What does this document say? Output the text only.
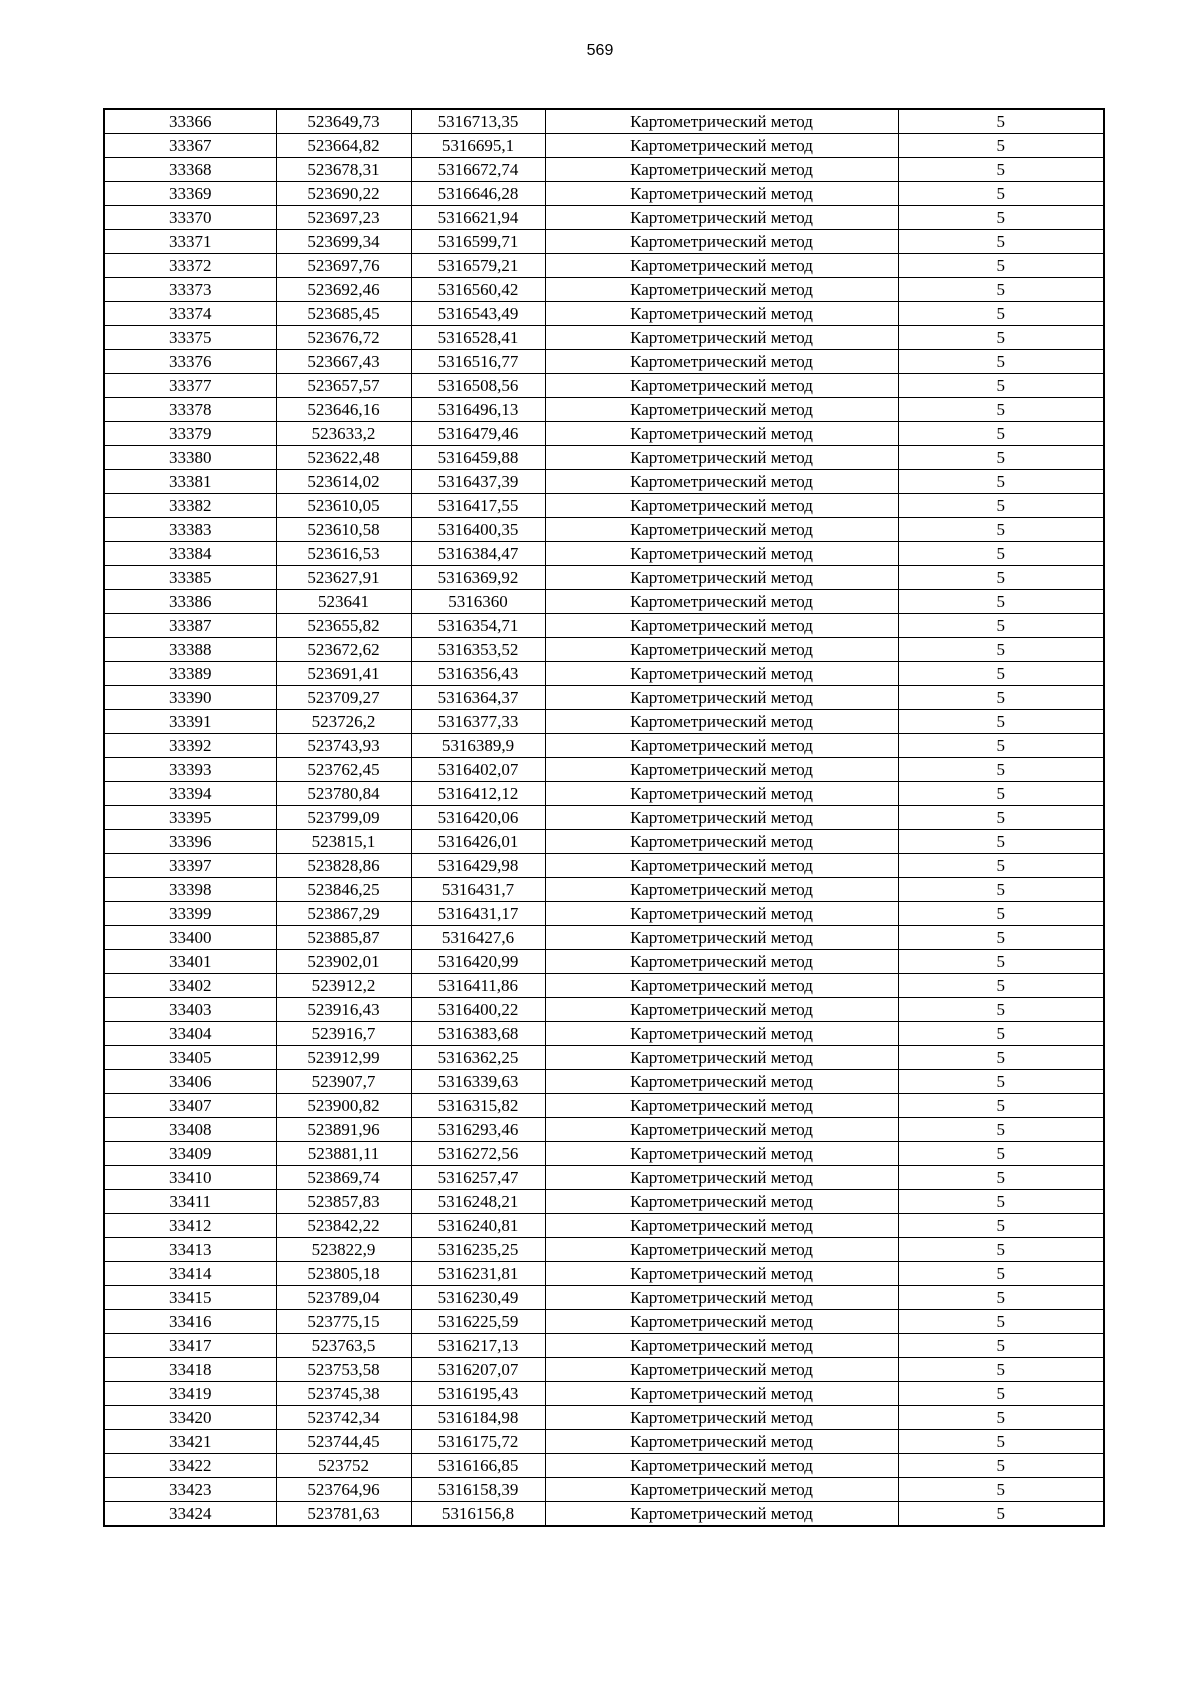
569
33366	523649,73	5316713,35	Картометрический метод	5
33367	523664,82	5316695,1	Картометрический метод	5
33368	523678,31	5316672,74	Картометрический метод	5
33369	523690,22	5316646,28	Картометрический метод	5
33370	523697,23	5316621,94	Картометрический метод	5
33371	523699,34	5316599,71	Картометрический метод	5
33372	523697,76	5316579,21	Картометрический метод	5
33373	523692,46	5316560,42	Картометрический метод	5
33374	523685,45	5316543,49	Картометрический метод	5
33375	523676,72	5316528,41	Картометрический метод	5
33376	523667,43	5316516,77	Картометрический метод	5
33377	523657,57	5316508,56	Картометрический метод	5
33378	523646,16	5316496,13	Картометрический метод	5
33379	523633,2	5316479,46	Картометрический метод	5
33380	523622,48	5316459,88	Картометрический метод	5
33381	523614,02	5316437,39	Картометрический метод	5
33382	523610,05	5316417,55	Картометрический метод	5
33383	523610,58	5316400,35	Картометрический метод	5
33384	523616,53	5316384,47	Картометрический метод	5
33385	523627,91	5316369,92	Картометрический метод	5
33386	523641	5316360	Картометрический метод	5
33387	523655,82	5316354,71	Картометрический метод	5
33388	523672,62	5316353,52	Картометрический метод	5
33389	523691,41	5316356,43	Картометрический метод	5
33390	523709,27	5316364,37	Картометрический метод	5
33391	523726,2	5316377,33	Картометрический метод	5
33392	523743,93	5316389,9	Картометрический метод	5
33393	523762,45	5316402,07	Картометрический метод	5
33394	523780,84	5316412,12	Картометрический метод	5
33395	523799,09	5316420,06	Картометрический метод	5
33396	523815,1	5316426,01	Картометрический метод	5
33397	523828,86	5316429,98	Картометрический метод	5
33398	523846,25	5316431,7	Картометрический метод	5
33399	523867,29	5316431,17	Картометрический метод	5
33400	523885,87	5316427,6	Картометрический метод	5
33401	523902,01	5316420,99	Картометрический метод	5
33402	523912,2	5316411,86	Картометрический метод	5
33403	523916,43	5316400,22	Картометрический метод	5
33404	523916,7	5316383,68	Картометрический метод	5
33405	523912,99	5316362,25	Картометрический метод	5
33406	523907,7	5316339,63	Картометрический метод	5
33407	523900,82	5316315,82	Картометрический метод	5
33408	523891,96	5316293,46	Картометрический метод	5
33409	523881,11	5316272,56	Картометрический метод	5
33410	523869,74	5316257,47	Картометрический метод	5
33411	523857,83	5316248,21	Картометрический метод	5
33412	523842,22	5316240,81	Картометрический метод	5
33413	523822,9	5316235,25	Картометрический метод	5
33414	523805,18	5316231,81	Картометрический метод	5
33415	523789,04	5316230,49	Картометрический метод	5
33416	523775,15	5316225,59	Картометрический метод	5
33417	523763,5	5316217,13	Картометрический метод	5
33418	523753,58	5316207,07	Картометрический метод	5
33419	523745,38	5316195,43	Картометрический метод	5
33420	523742,34	5316184,98	Картометрический метод	5
33421	523744,45	5316175,72	Картометрический метод	5
33422	523752	5316166,85	Картометрический метод	5
33423	523764,96	5316158,39	Картометрический метод	5
33424	523781,63	5316156,8	Картометрический метод	5
